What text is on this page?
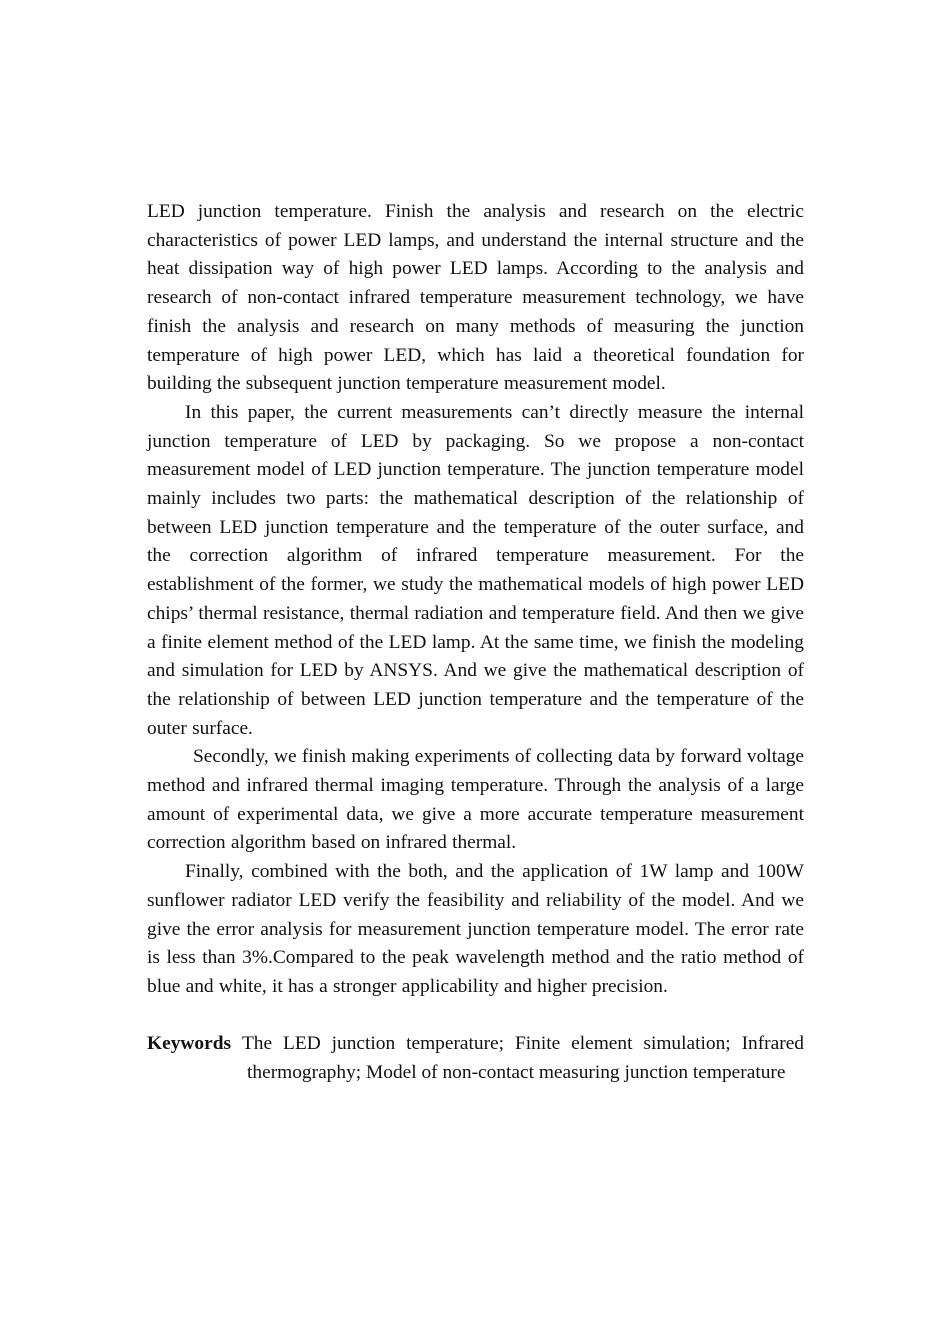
LED junction temperature. Finish the analysis and research on the electric characteristics of power LED lamps, and understand the internal structure and the heat dissipation way of high power LED lamps. According to the analysis and research of non-contact infrared temperature measurement technology, we have finish the analysis and research on many methods of measuring the junction temperature of high power LED, which has laid a theoretical foundation for building the subsequent junction temperature measurement model.

In this paper, the current measurements can’t directly measure the internal junction temperature of LED by packaging. So we propose a non-contact measurement model of LED junction temperature. The junction temperature model mainly includes two parts: the mathematical description of the relationship of between LED junction temperature and the temperature of the outer surface, and the correction algorithm of infrared temperature measurement. For the establishment of the former, we study the mathematical models of high power LED chips’ thermal resistance, thermal radiation and temperature field. And then we give a finite element method of the LED lamp. At the same time, we finish the modeling and simulation for LED by ANSYS. And we give the mathematical description of the relationship of between LED junction temperature and the temperature of the outer surface.

Secondly, we finish making experiments of collecting data by forward voltage method and infrared thermal imaging temperature. Through the analysis of a large amount of experimental data, we give a more accurate temperature measurement correction algorithm based on infrared thermal.

Finally, combined with the both, and the application of 1W lamp and 100W sunflower radiator LED verify the feasibility and reliability of the model. And we give the error analysis for measurement junction temperature model. The error rate is less than 3%.Compared to the peak wavelength method and the ratio method of blue and white, it has a stronger applicability and higher precision.

Keywords The LED junction temperature; Finite element simulation; Infrared thermography; Model of non-contact measuring junction temperature
